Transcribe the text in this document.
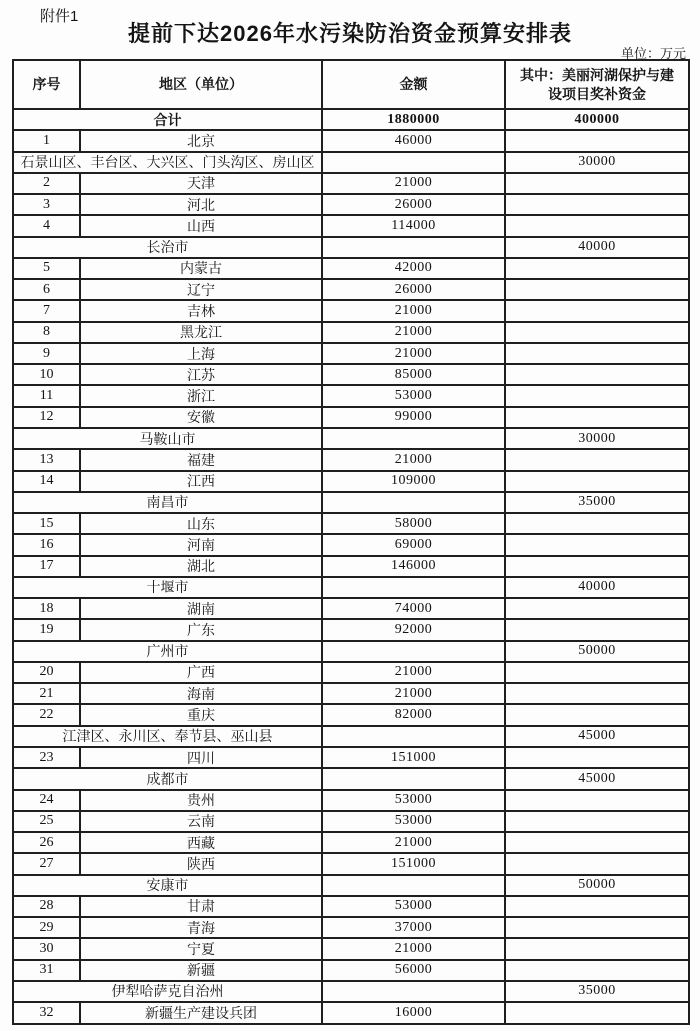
附件1
提前下达2026年水污染防治资金预算安排表
单位：万元
序号	地区（单位）	金额	其中：美丽河湖保护与建设项目奖补资金
合计		1880000	400000
1	北京	46000	
石景山区、丰台区、大兴区、门头沟区、房山区			30000
2	天津	21000	
3	河北	26000	
4	山西	114000	
长治市			40000
5	内蒙古	42000	
6	辽宁	26000	
7	吉林	21000	
8	黑龙江	21000	
9	上海	21000	
10	江苏	85000	
11	浙江	53000	
12	安徽	99000	
马鞍山市			30000
13	福建	21000	
14	江西	109000	
南昌市			35000
15	山东	58000	
16	河南	69000	
17	湖北	146000	
十堰市			40000
18	湖南	74000	
19	广东	92000	
广州市			50000
20	广西	21000	
21	海南	21000	
22	重庆	82000	
江津区、永川区、奉节县、巫山县			45000
23	四川	151000	
成都市			45000
24	贵州	53000	
25	云南	53000	
26	西藏	21000	
27	陕西	151000	
安康市			50000
28	甘肃	53000	
29	青海	37000	
30	宁夏	21000	
31	新疆	56000	
伊犁哈萨克自治州			35000
32	新疆生产建设兵团	16000	
